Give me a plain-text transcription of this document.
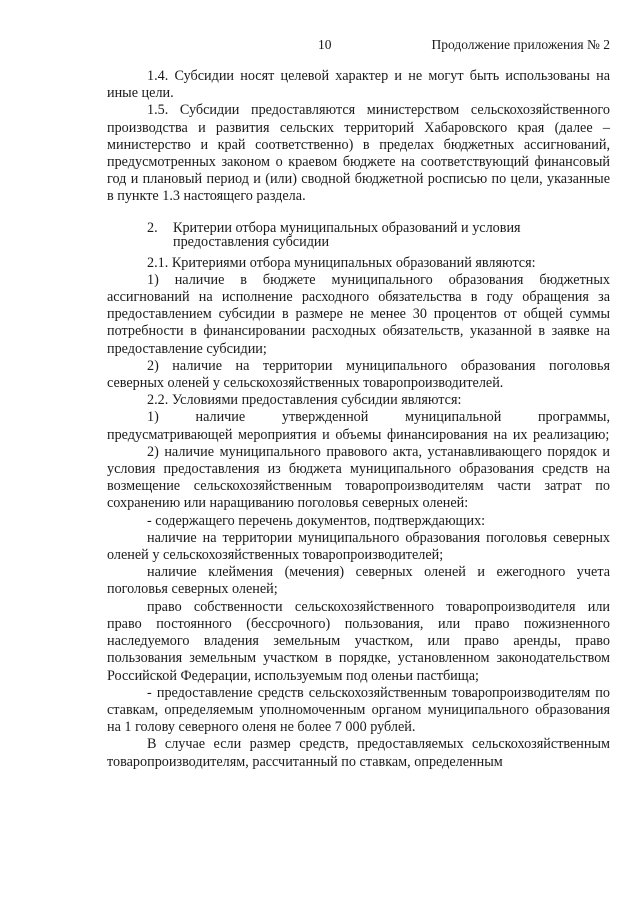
10	Продолжение приложения № 2

1.4. Субсидии носят целевой характер и не могут быть использованы на иные цели.

1.5. Субсидии предоставляются министерством сельскохозяйственного производства и развития сельских территорий Хабаровского края (далее – министерство и край соответственно) в пределах бюджетных ассигнований, предусмотренных законом о краевом бюджете на соответствующий финансовый год и плановый период и (или) сводной бюджетной росписью по цели, указанные в пункте 1.3 настоящего раздела.

2. Критерии отбора муниципальных образований и условия
предоставления субсидии

2.1. Критериями отбора муниципальных образований являются:

1) наличие в бюджете муниципального образования бюджетных ассигнований на исполнение расходного обязательства в году обращения за предоставлением субсидии в размере не менее 30 процентов от общей суммы потребности в финансировании расходных обязательств, указанной в заявке на предоставление субсидии;

2) наличие на территории муниципального образования поголовья северных оленей у сельскохозяйственных товаропроизводителей.

2.2. Условиями предоставления субсидии являются:

1) наличие утвержденной муниципальной программы, предусматривающей мероприятия и объемы финансирования на их реализацию;

2) наличие муниципального правового акта, устанавливающего порядок и условия предоставления из бюджета муниципального образования средств на возмещение сельскохозяйственным товаропроизводителям части затрат по сохранению или наращиванию поголовья северных оленей:

- содержащего перечень документов, подтверждающих:

наличие на территории муниципального образования поголовья северных оленей у сельскохозяйственных товаропроизводителей;

наличие клеймения (мечения) северных оленей и ежегодного учета поголовья северных оленей;

право собственности сельскохозяйственного товаропроизводителя или право постоянного (бессрочного) пользования, или право пожизненного наследуемого владения земельным участком, или право аренды, право пользования земельным участком в порядке, установленном законодательством Российской Федерации, используемым под оленьи пастбища;

- предоставление средств сельскохозяйственным товаропроизводителям по ставкам, определяемым уполномоченным органом муниципального образования на 1 голову северного оленя не более 7 000 рублей.

В случае если размер средств, предоставляемых сельскохозяйственным товаропроизводителям, рассчитанный по ставкам, определенным
